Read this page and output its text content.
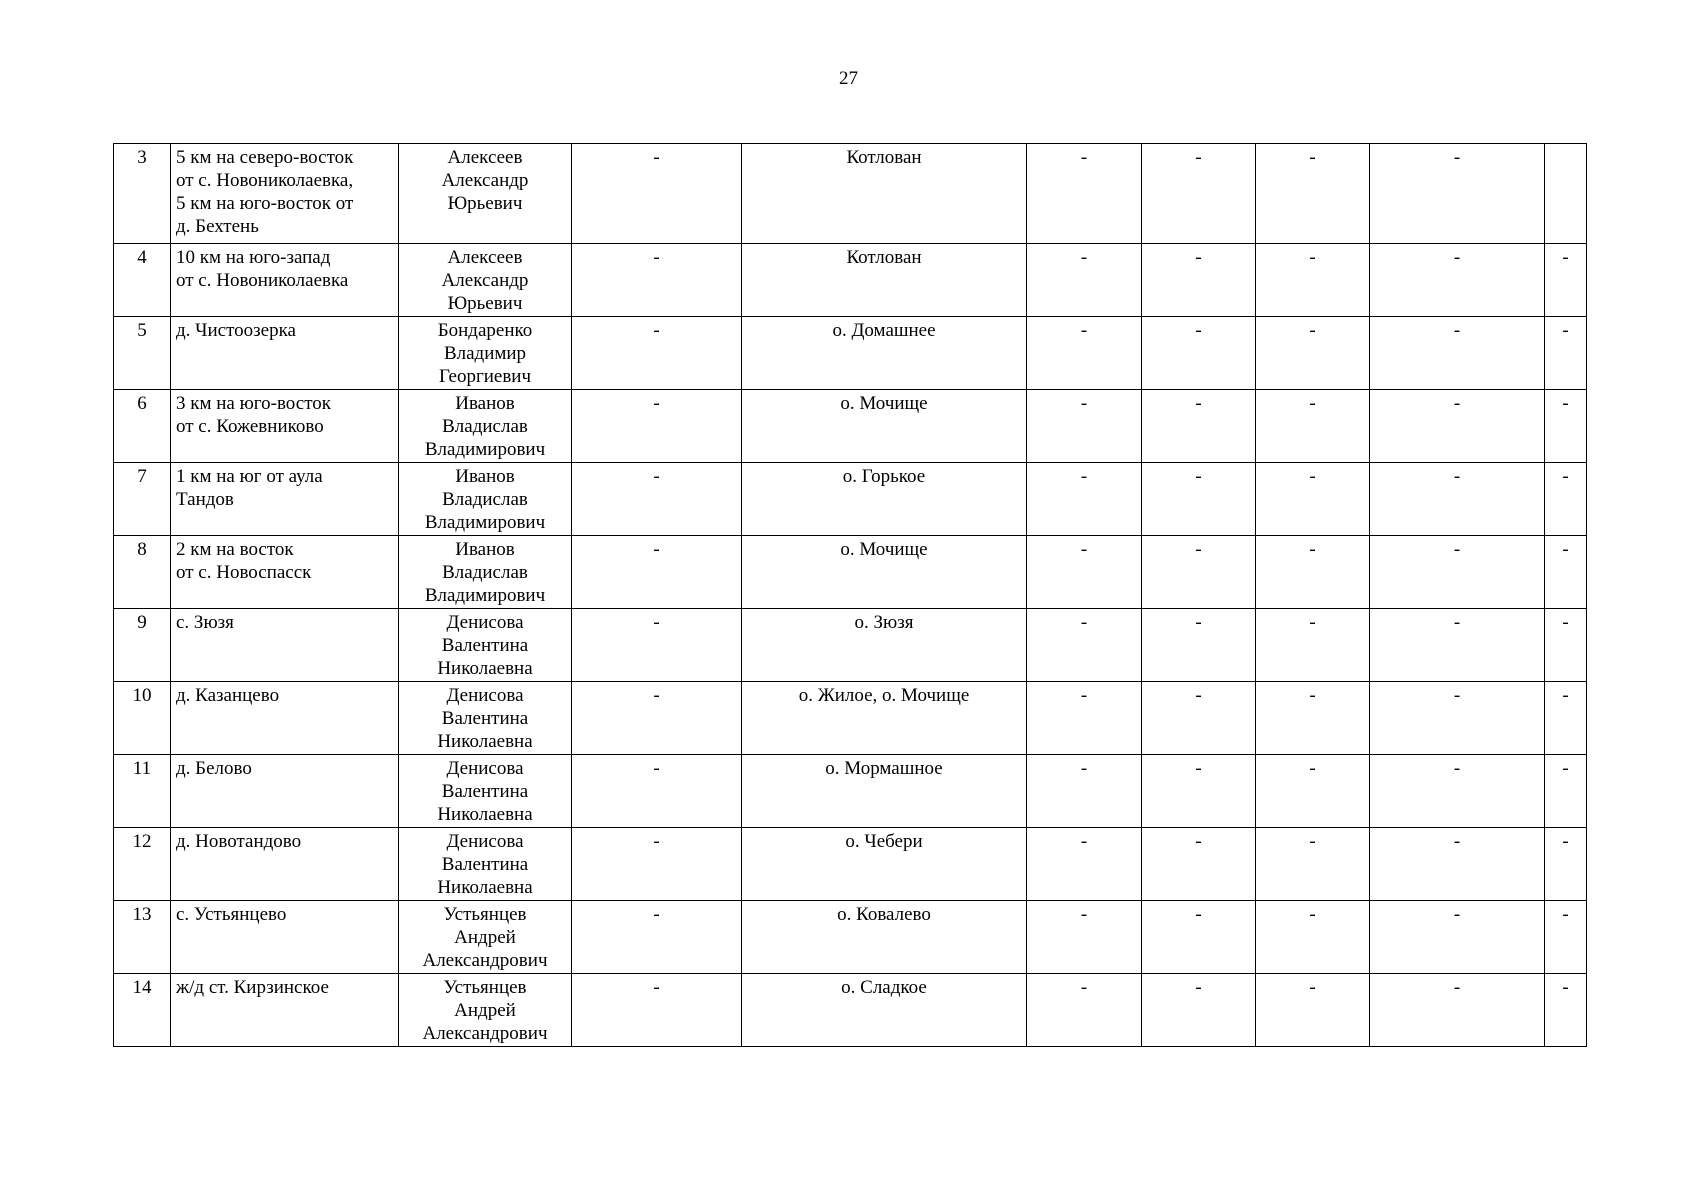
27
3	5 км на северо-восток
от с. Новониколаевка,
5 км на юго-восток от
д. Бехтень	Алексеев
Александр
Юрьевич	-	Котлован	-	-	-	-	
4	10 км на юго-запад
от с. Новониколаевка	Алексеев
Александр
Юрьевич	-	Котлован	-	-	-	-	-
5	д. Чистоозерка	Бондаренко
Владимир
Георгиевич	-	о. Домашнее	-	-	-	-	-
6	3 км на юго-восток
от с. Кожевниково	Иванов
Владислав
Владимирович	-	о. Мочище	-	-	-	-	-
7	1 км на юг от аула
Тандов	Иванов
Владислав
Владимирович	-	о. Горькое	-	-	-	-	-
8	2 км на восток
от с. Новоспасск	Иванов
Владислав
Владимирович	-	о. Мочище	-	-	-	-	-
9	с. Зюзя	Денисова
Валентина
Николаевна	-	о. Зюзя	-	-	-	-	-
10	д. Казанцево	Денисова
Валентина
Николаевна	-	о. Жилое, о. Мочище	-	-	-	-	-
11	д. Белово	Денисова
Валентина
Николаевна	-	о. Мормашное	-	-	-	-	-
12	д. Новотандово	Денисова
Валентина
Николаевна	-	о. Чебери	-	-	-	-	-
13	с. Устьянцево	Устьянцев
Андрей
Александрович	-	о. Ковалево	-	-	-	-	-
14	ж/д ст. Кирзинское	Устьянцев
Андрей
Александрович	-	о. Сладкое	-	-	-	-	-
